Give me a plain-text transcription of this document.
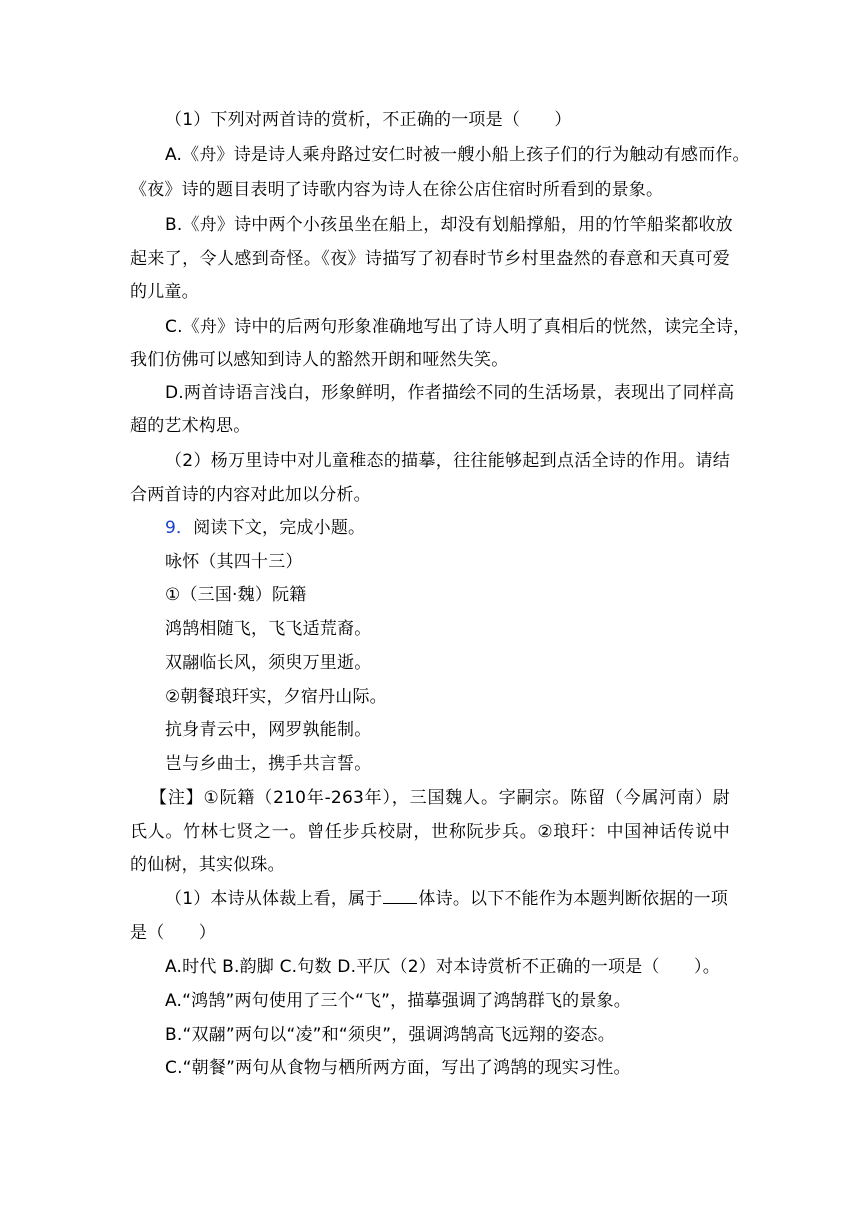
（1）下列对两首诗的赏析，不正确的一项是（　　）
A.《舟》诗是诗人乘舟路过安仁时被一艘小船上孩子们的行为触动有感而作。
《夜》诗的题目表明了诗歌内容为诗人在徐公店住宿时所看到的景象。
B.《舟》诗中两个小孩虽坐在船上，却没有划船撑船，用的竹竿船桨都收放
起来了，令人感到奇怪。《夜》诗描写了初春时节乡村里盎然的春意和天真可爱
的儿童。
C.《舟》诗中的后两句形象准确地写出了诗人明了真相后的恍然，读完全诗，
我们仿佛可以感知到诗人的豁然开朗和哑然失笑。
D.两首诗语言浅白，形象鲜明，作者描绘不同的生活场景，表现出了同样高
超的艺术构思。
（2）杨万里诗中对儿童稚态的描摹，往往能够起到点活全诗的作用。请结
合两首诗的内容对此加以分析。
9．阅读下文，完成小题。
咏怀（其四十三）
①（三国·魏）阮籍
鸿鹄相随飞，飞飞适荒裔。
双翮临长风，须臾万里逝。
②朝餐琅玕实，夕宿丹山际。
抗身青云中，网罗孰能制。
岂与乡曲士，携手共言誓。
【注】①阮籍（210年-263年），三国魏人。字嗣宗。陈留（今属河南）尉
氏人。竹林七贤之一。曾任步兵校尉，世称阮步兵。②琅玕：中国神话传说中
的仙树，其实似珠。
（1）本诗从体裁上看，属于 体诗。以下不能作为本题判断依据的一项
是（　　）
A.时代 B.韵脚 C.句数 D.平仄（2）对本诗赏析不正确的一项是（　　）。
A.“鸿鹄”两句使用了三个“飞”，描摹强调了鸿鹄群飞的景象。
B.“双翮”两句以“凌”和“须臾”，强调鸿鹄高飞远翔的姿态。
C.“朝餐”两句从食物与栖所两方面，写出了鸿鹄的现实习性。
